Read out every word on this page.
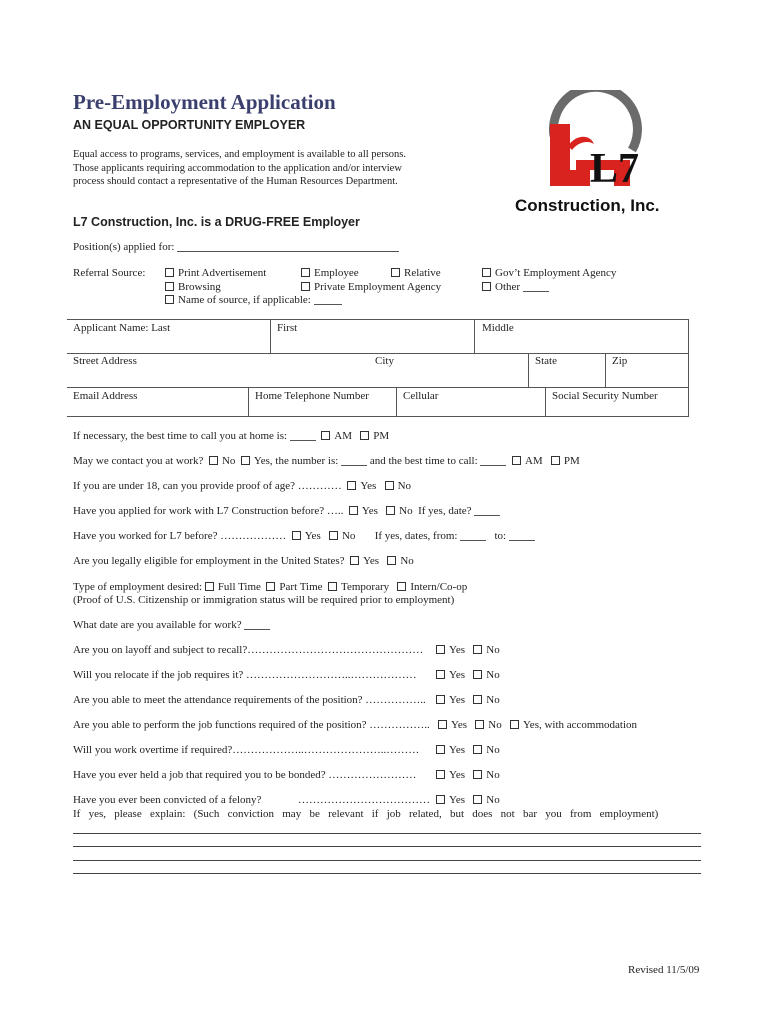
Pre-Employment Application
AN EQUAL OPPORTUNITY EMPLOYER
Equal access to programs, services, and employment is available to all persons. Those applicants requiring accommodation to the application and/or interview process should contact a representative of the Human Resources Department.
L7 Construction, Inc. is a DRUG-FREE Employer
L7
Construction, Inc.
Position(s) applied for:
Referral Source:	Print Advertisement	Employee	Relative	Gov’t Employment Agency
Browsing	Private Employment Agency	Other
Name of source, if applicable:
Applicant Name: Last	First	Middle
Street Address	City	State	Zip
Email Address	Home Telephone Number	Cellular	Social Security Number
If necessary, the best time to call you at home is:	AM PM
May we contact you at work? No Yes, the number is:	and the best time to call:	AM PM
If you are under 18, can you provide proof of age? ………… Yes No
Have you applied for work with L7 Construction before? ….. Yes No If yes, date?
Have you worked for L7 before? ……………… Yes No If yes, dates, from:	to:
Are you legally eligible for employment in the United States? Yes No
Type of employment desired: Full Time Part Time Temporary Intern/Co-op
(Proof of U.S. Citizenship or immigration status will be required prior to employment)
What date are you available for work?
Are you on layoff and subject to recall?…………………………………………	Yes No
Will you relocate if the job requires it? ………………………..………………	Yes No
Are you able to meet the attendance requirements of the position? ……………..	Yes No
Are you able to perform the job functions required of the position? ……………..	Yes No Yes, with accommodation
Will you work overtime if required?………………..…………………..………	Yes No
Have you ever held a job that required you to be bonded? ……………………	Yes No
Have you ever been convicted of a felony?	………………………………	Yes No
If yes, please explain: (Such conviction may be relevant if job related, but does not bar you from employment)
Revised 11/5/09
